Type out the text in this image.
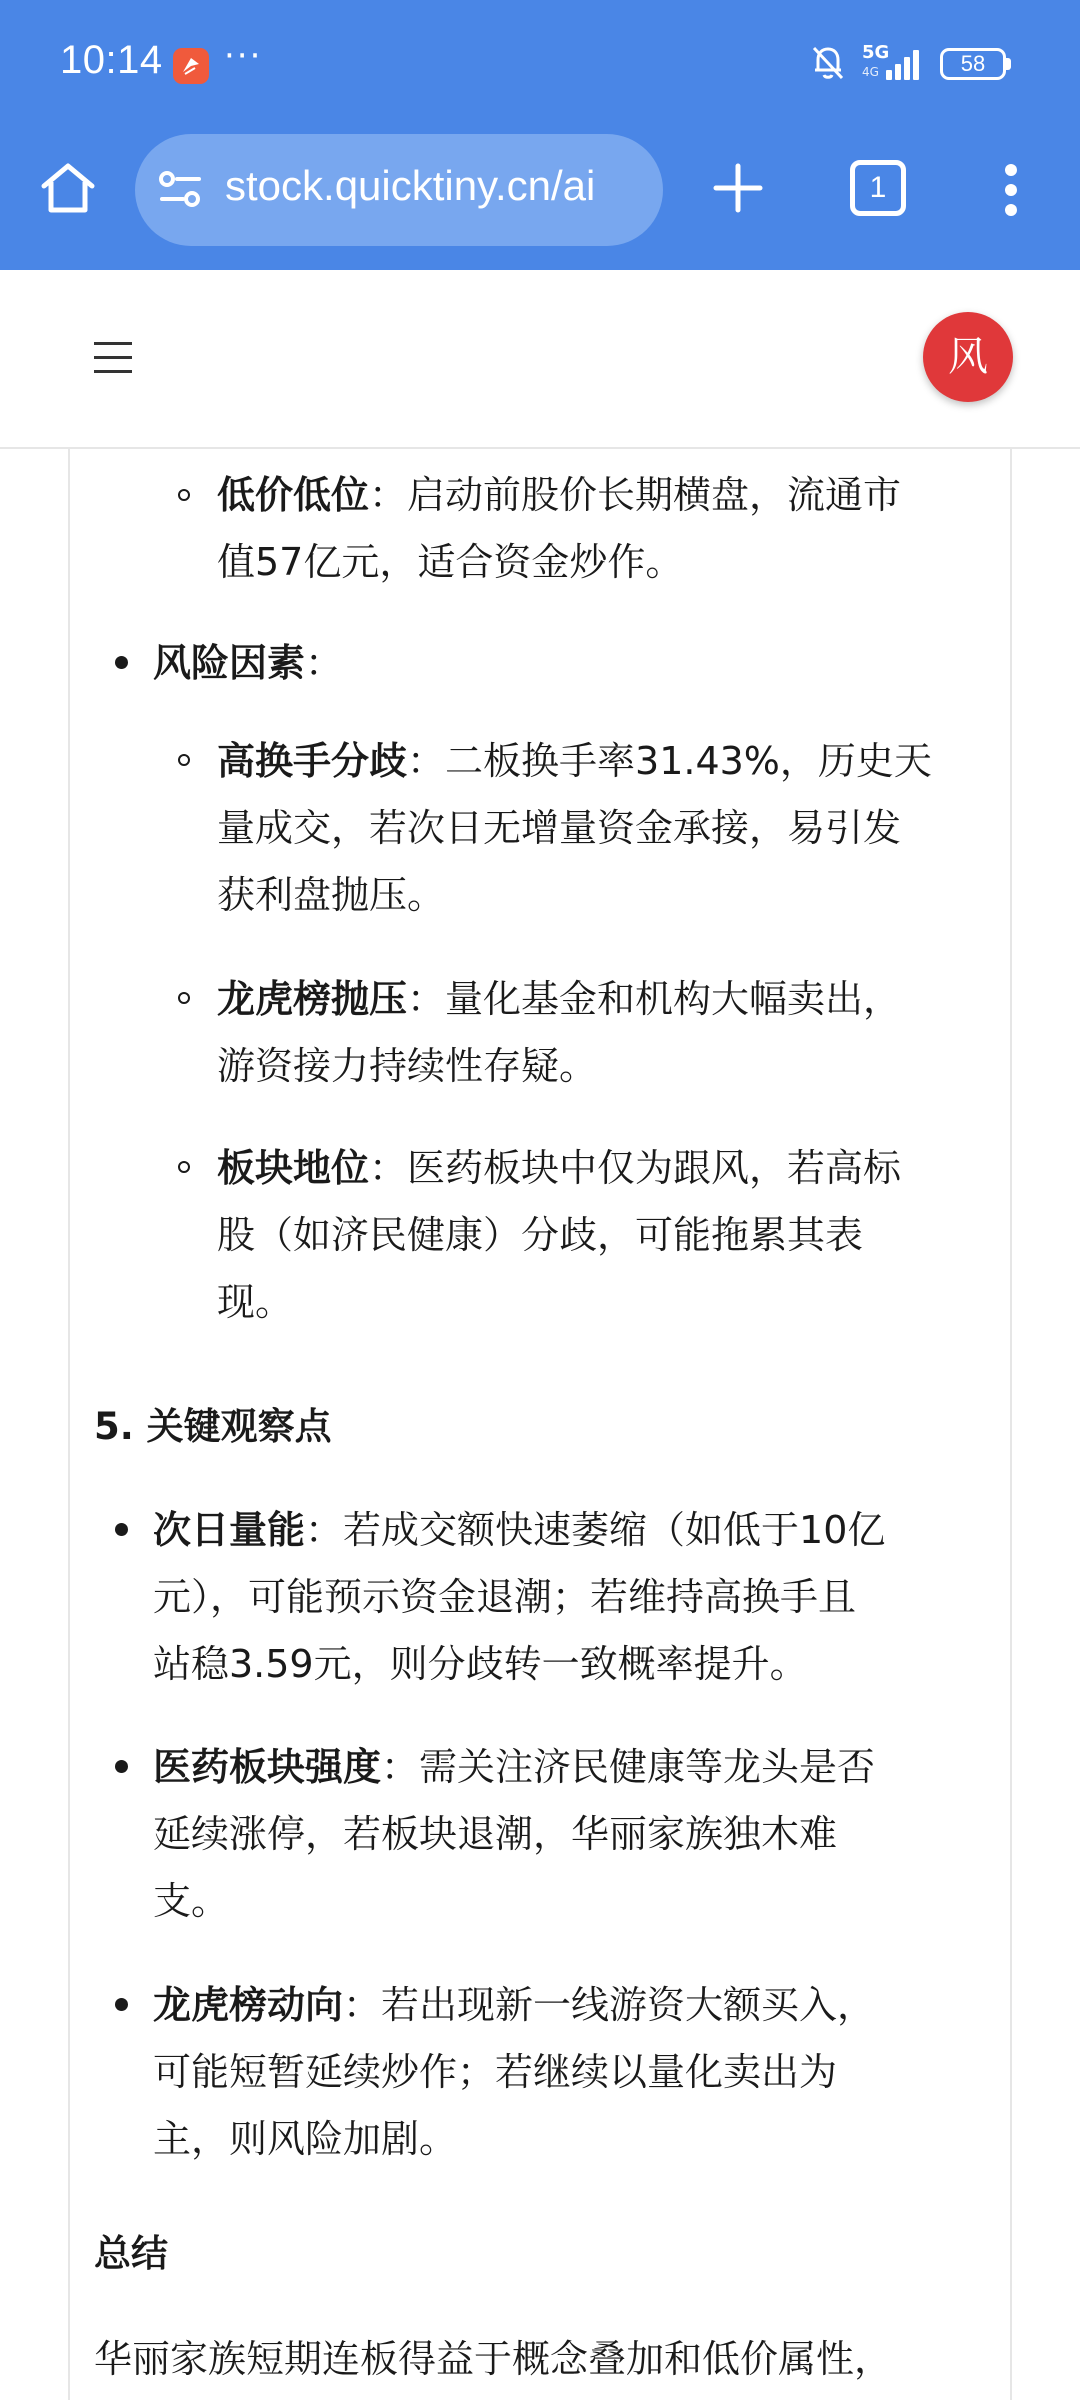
10:14 ···	5G
4G	58
stock.quicktiny.cn/ai	1
风
低价低位：启动前股价长期横盘，流通市
值57亿元，适合资金炒作。
风险因素：
高换手分歧：二板换手率31.43%，历史天
量成交，若次日无增量资金承接，易引发
获利盘抛压。
龙虎榜抛压：量化基金和机构大幅卖出，
游资接力持续性存疑。
板块地位：医药板块中仅为跟风，若高标
股（如济民健康）分歧，可能拖累其表
现。
5. 关键观察点
次日量能：若成交额快速萎缩（如低于10亿
元），可能预示资金退潮；若维持高换手且
站稳3.59元，则分歧转一致概率提升。
医药板块强度：需关注济民健康等龙头是否
延续涨停，若板块退潮，华丽家族独木难
支。
龙虎榜动向：若出现新一线游资大额买入，
可能短暂延续炒作；若继续以量化卖出为
主，则风险加剧。
总结
华丽家族短期连板得益于概念叠加和低价属性，
